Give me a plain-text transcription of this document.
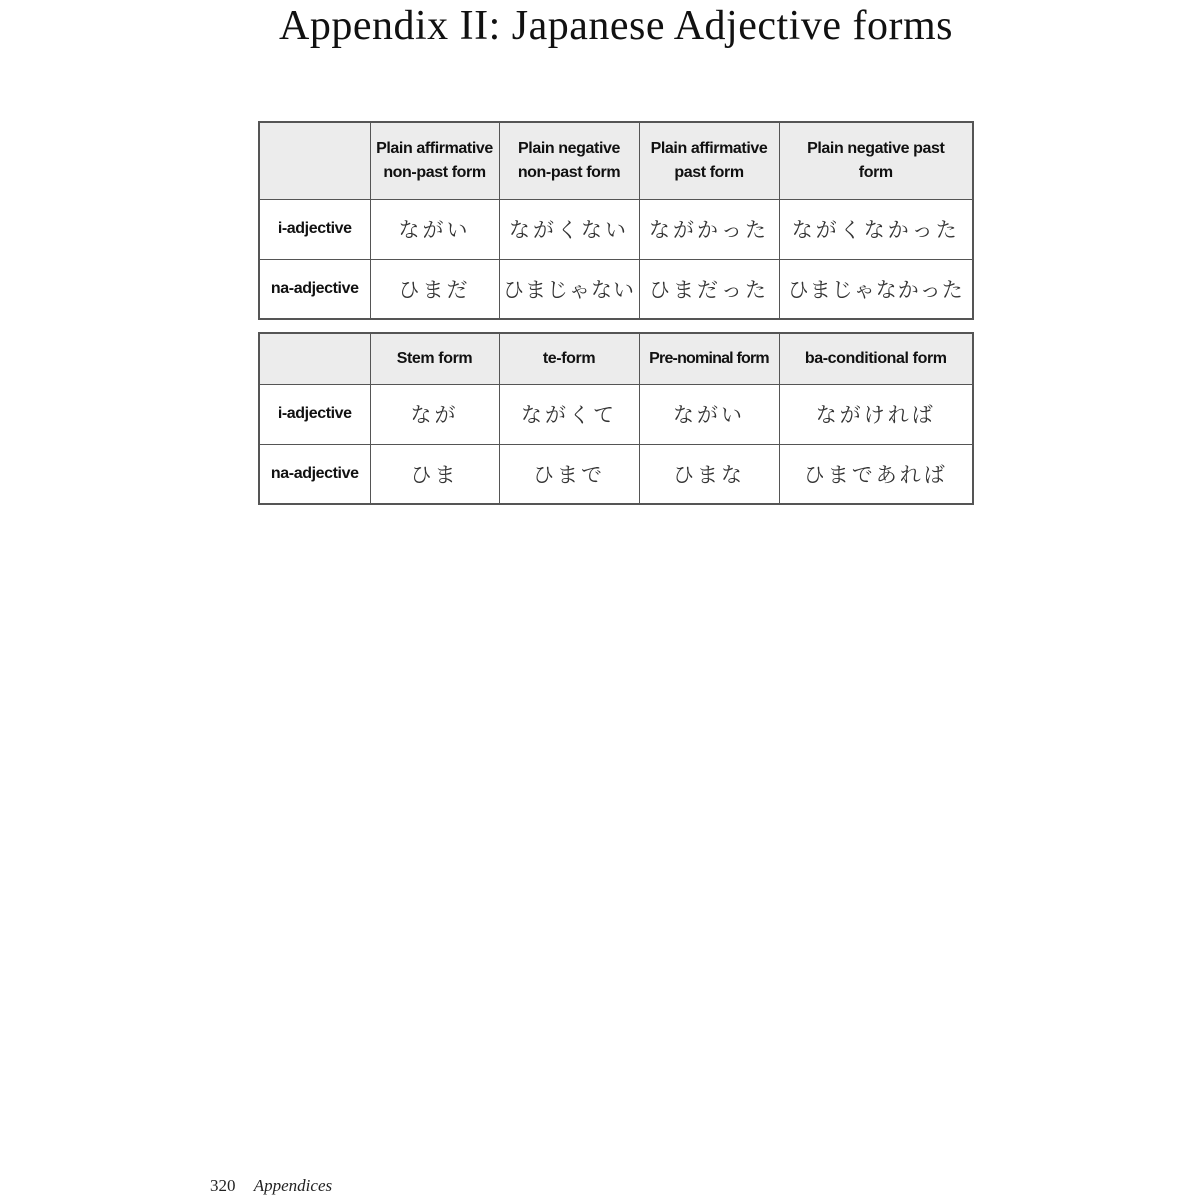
Appendix II: Japanese Adjective forms
	Plain affirmative non-past form	Plain negative non-past form	Plain affirmative past form	Plain negative past form
i-adjective	ながい	ながくない	ながかった	ながくなかった
na-adjective	ひまだ	ひまじゃない	ひまだった	ひまじゃなかった
	Stem form	te-form	Pre-nominal form	ba-conditional form
i-adjective	なが	ながくて	ながい	ながければ
na-adjective	ひま	ひまで	ひまな	ひまであれば
320 Appendices
